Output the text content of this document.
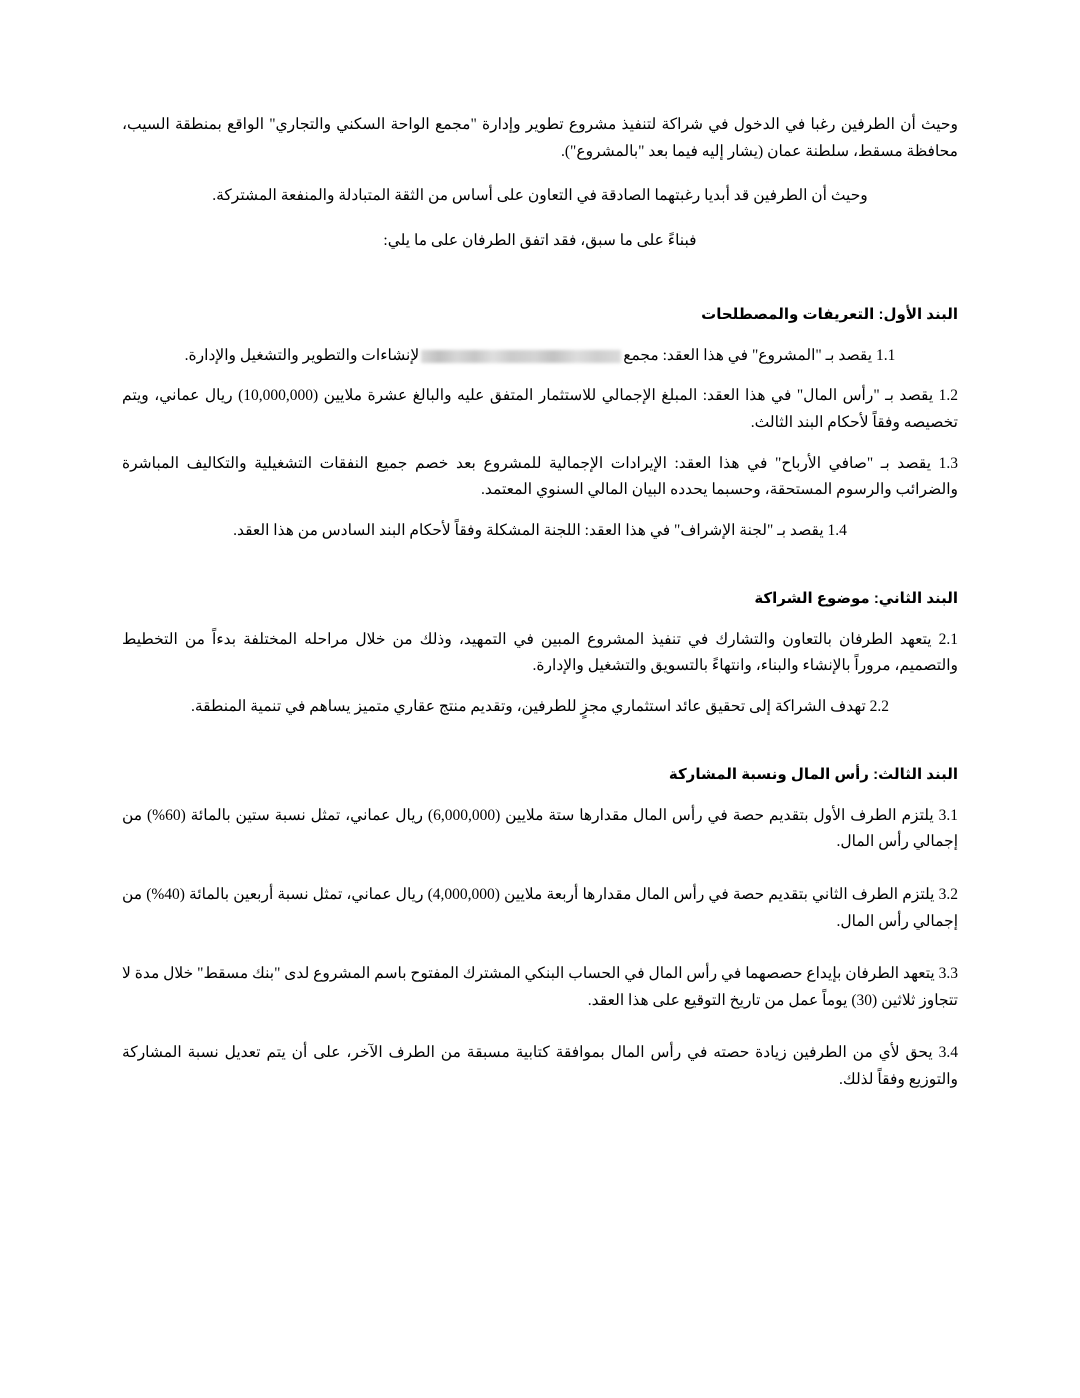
وحيث أن الطرفين رغبا في الدخول في شراكة لتنفيذ مشروع تطوير وإدارة "مجمع الواحة السكني والتجاري" الواقع بمنطقة السيب، محافظة مسقط، سلطنة عمان (يشار إليه فيما بعد "بالمشروع").

وحيث أن الطرفين قد أبديا رغبتهما الصادقة في التعاون على أساس من الثقة المتبادلة والمنفعة المشتركة.

فبناءً على ما سبق، فقد اتفق الطرفان على ما يلي:

البند الأول: التعريفات والمصطلحات

1.1 يقصد بـ "المشروع" في هذا العقد: مجمعلإنشاءات والتطوير والتشغيل والإدارة.

1.2 يقصد بـ "رأس المال" في هذا العقد: المبلغ الإجمالي للاستثمار المتفق عليه والبالغ عشرة ملايين (10,000,000) ريال عماني، ويتم تخصيصه وفقاً لأحكام البند الثالث.

1.3 يقصد بـ "صافي الأرباح" في هذا العقد: الإيرادات الإجمالية للمشروع بعد خصم جميع النفقات التشغيلية والتكاليف المباشرة والضرائب والرسوم المستحقة، وحسبما يحدده البيان المالي السنوي المعتمد.

1.4 يقصد بـ "لجنة الإشراف" في هذا العقد: اللجنة المشكلة وفقاً لأحكام البند السادس من هذا العقد.

البند الثاني: موضوع الشراكة

2.1 يتعهد الطرفان بالتعاون والتشارك في تنفيذ المشروع المبين في التمهيد، وذلك من خلال مراحله المختلفة بدءاً من التخطيط والتصميم، مروراً بالإنشاء والبناء، وانتهاءً بالتسويق والتشغيل والإدارة.

2.2 تهدف الشراكة إلى تحقيق عائد استثماري مجزٍ للطرفين، وتقديم منتج عقاري متميز يساهم في تنمية المنطقة.

البند الثالث: رأس المال ونسبة المشاركة

3.1 يلتزم الطرف الأول بتقديم حصة في رأس المال مقدارها ستة ملايين (6,000,000) ريال عماني، تمثل نسبة ستين بالمائة (60%) من إجمالي رأس المال.

3.2 يلتزم الطرف الثاني بتقديم حصة في رأس المال مقدارها أربعة ملايين (4,000,000) ريال عماني، تمثل نسبة أربعين بالمائة (40%) من إجمالي رأس المال.

3.3 يتعهد الطرفان بإيداع حصصهما في رأس المال في الحساب البنكي المشترك المفتوح باسم المشروع لدى "بنك مسقط" خلال مدة لا تتجاوز ثلاثين (30) يوماً عمل من تاريخ التوقيع على هذا العقد.

3.4 يحق لأي من الطرفين زيادة حصته في رأس المال بموافقة كتابية مسبقة من الطرف الآخر، على أن يتم تعديل نسبة المشاركة والتوزيع وفقاً لذلك.
